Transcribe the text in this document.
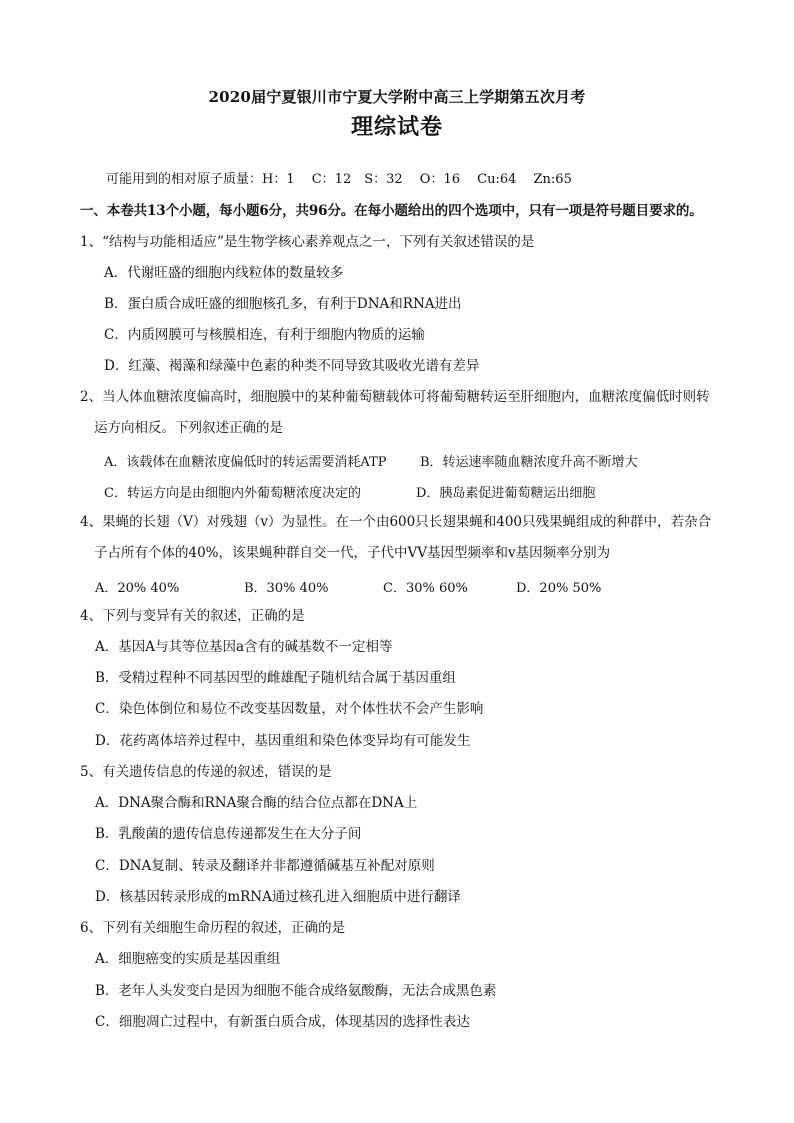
2020届宁夏银川市宁夏大学附中高三上学期第五次月考
理综试卷
可能用到的相对原子质量：H：1　 C：12　S：32　 O：16　 Cu:64　 Zn:65
一、本卷共13个小题，每小题6分，共96分。在每小题给出的四个选项中，只有一项是符号题目要求的。
1、“结构与功能相适应”是生物学核心素养观点之一，下列有关叙述错误的是
A．代谢旺盛的细胞内线粒体的数量较多
B．蛋白质合成旺盛的细胞核孔多，有利于DNA和RNA进出
C．内质网膜可与核膜相连，有利于细胞内物质的运输
D．红藻、褐藻和绿藻中色素的种类不同导致其吸收光谱有差异
2、当人体血糖浓度偏高时，细胞膜中的某种葡萄糖载体可将葡萄糖转运至肝细胞内，血糖浓度偏低时则转
运方向相反。下列叙述正确的是
A．该载体在血糖浓度偏低时的转运需要消耗ATP	B．转运速率随血糖浓度升高不断增大
C．转运方向是由细胞内外葡萄糖浓度决定的	D．胰岛素促进葡萄糖运出细胞
4、果蝇的长翅（V）对残翅（v）为显性。在一个由600只长翅果蝇和400只残果蝇组成的种群中，若杂合
子占所有个体的40%，该果蝇种群自交一代，子代中VV基因型频率和v基因频率分别为
A．20% 40%	B．30% 40%	C．30% 60%	D．20% 50%
4、下列与变异有关的叙述，正确的是
A．基因A与其等位基因a含有的碱基数不一定相等
B．受精过程种不同基因型的雌雄配子随机结合属于基因重组
C．染色体倒位和易位不改变基因数量，对个体性状不会产生影响
D．花药离体培养过程中，基因重组和染色体变异均有可能发生
5、有关遗传信息的传递的叙述，错误的是
A．DNA聚合酶和RNA聚合酶的结合位点都在DNA上
B．乳酸菌的遗传信息传递都发生在大分子间
C．DNA复制、转录及翻译并非都遵循碱基互补配对原则
D．核基因转录形成的mRNA通过核孔进入细胞质中进行翻译
6、下列有关细胞生命历程的叙述，正确的是
A．细胞癌变的实质是基因重组
B．老年人头发变白是因为细胞不能合成络氨酸酶，无法合成黑色素
C．细胞凋亡过程中，有新蛋白质合成，体现基因的选择性表达
